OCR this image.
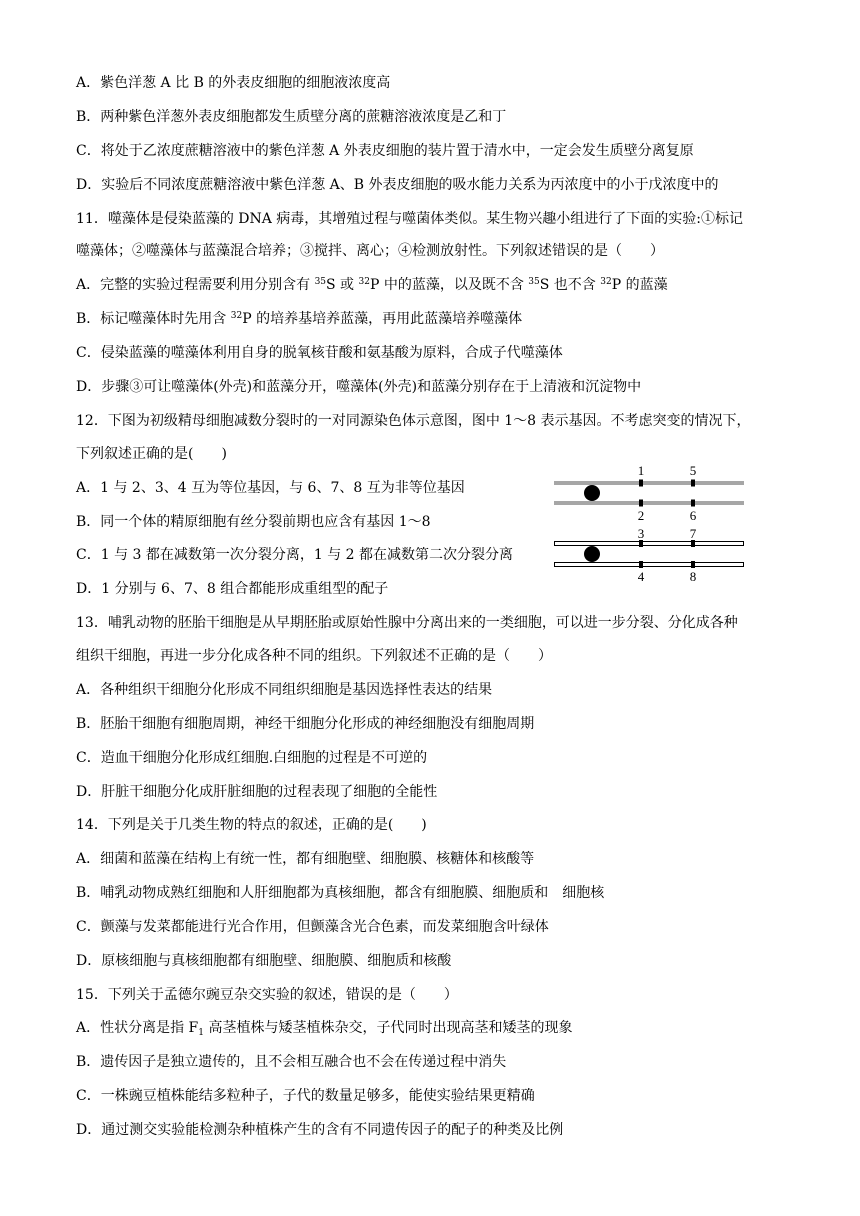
A．紫色洋葱 A 比 B 的外表皮细胞的细胞液浓度高
B．两种紫色洋葱外表皮细胞都发生质壁分离的蔗糖溶液浓度是乙和丁
C．将处于乙浓度蔗糖溶液中的紫色洋葱 A 外表皮细胞的装片置于清水中，一定会发生质壁分离复原
D．实验后不同浓度蔗糖溶液中紫色洋葱 A、B 外表皮细胞的吸水能力关系为丙浓度中的小于戊浓度中的
11．噬藻体是侵染蓝藻的 DNA 病毒，其增殖过程与噬菌体类似。某生物兴趣小组进行了下面的实验:①标记
噬藻体；②噬藻体与蓝藻混合培养；③搅拌、离心；④检测放射性。下列叙述错误的是（　　）
A．完整的实验过程需要利用分别含有 $^{35}$S 或 $^{32}$P 中的蓝藻，以及既不含 $^{35}$S 也不含 $^{32}$P 的蓝藻
B．标记噬藻体时先用含 $^{32}$P 的培养基培养蓝藻，再用此蓝藻培养噬藻体
C．侵染蓝藻的噬藻体利用自身的脱氧核苷酸和氨基酸为原料，合成子代噬藻体
D．步骤③可让噬藻体(外壳)和蓝藻分开，噬藻体(外壳)和蓝藻分别存在于上清液和沉淀物中
12．下图为初级精母细胞减数分裂时的一对同源染色体示意图，图中 1～8 表示基因。不考虑突变的情况下，
下列叙述正确的是(　　)
A．1 与 2、3、4 互为等位基因，与 6、7、8 互为非等位基因
B．同一个体的精原细胞有丝分裂前期也应含有基因 1～8
C．1 与 3 都在减数第一次分裂分离，1 与 2 都在减数第二次分裂分离
D．1 分别与 6、7、8 组合都能形成重组型的配子
1	5
2	6
3	7
4	8
13．哺乳动物的胚胎干细胞是从早期胚胎或原始性腺中分离出来的一类细胞，可以进一步分裂、分化成各种
组织干细胞，再进一步分化成各种不同的组织。下列叙述不正确的是（　　）
A．各种组织干细胞分化形成不同组织细胞是基因选择性表达的结果
B．胚胎干细胞有细胞周期，神经干细胞分化形成的神经细胞没有细胞周期
C．造血干细胞分化形成红细胞.白细胞的过程是不可逆的
D．肝脏干细胞分化成肝脏细胞的过程表现了细胞的全能性
14．下列是关于几类生物的特点的叙述，正确的是(　　)
A．细菌和蓝藻在结构上有统一性，都有细胞壁、细胞膜、核糖体和核酸等
B．哺乳动物成熟红细胞和人肝细胞都为真核细胞，都含有细胞膜、细胞质和　细胞核
C．颤藻与发菜都能进行光合作用，但颤藻含光合色素，而发菜细胞含叶绿体
D．原核细胞与真核细胞都有细胞壁、细胞膜、细胞质和核酸
15．下列关于孟德尔豌豆杂交实验的叙述，错误的是（　　）
A．性状分离是指 $F_1$ 高茎植株与矮茎植株杂交，子代同时出现高茎和矮茎的现象
B．遗传因子是独立遗传的，且不会相互融合也不会在传递过程中消失
C．一株豌豆植株能结多粒种子，子代的数量足够多，能使实验结果更精确
D．通过测交实验能检测杂种植株产生的含有不同遗传因子的配子的种类及比例
